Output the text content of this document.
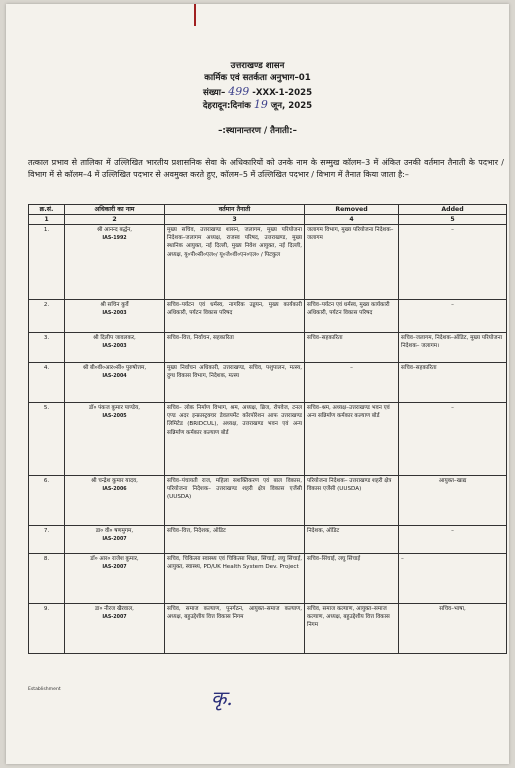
उत्तराखण्ड शासन
कार्मिक एवं सतर्कता अनुभाग–01
संख्या– 499 -XXX-1-2025
देहरादून:दिनांक 19 जून, 2025
–:स्थानान्तरण / तैनाती:–
तत्काल प्रभाव से तालिका में उल्लिखित भारतीय प्रशासनिक सेवा के अधिकारियों को उनके नाम के सम्मुख कॉलम–3 में अंकित उनकी वर्तमान तैनाती के पदभार / विभाग में से कॉलम–4 में उल्लिखित पदभार से अवमुक्त करते हुए, कॉलम–5 में उल्लिखित पदभार / विभाग में तैनात किया जाता है:–
क्र.सं.	अधिकारी का नाम	वर्तमान तैनाती	Removed	Added
1	2	3	4	5
1.	श्री आनन्द बर्द्धन,
IAS-1992	मुख्य सचिव, उत्तराखण्ड शासन, जलागम, मुख्य परियोजना निदेशक–जलागम अध्यक्ष, राजस्व परिषद, उत्तराखण्ड, मुख्य स्थानिक आयुक्त, नई दिल्ली, मुख्य निवेश आयुक्त, नई दिल्ली, अध्यक्ष, यू०पी०सी०एल०/ यू०जे०वी०एन०एल० / पिटकुल	जलागम विभाग, मुख्य परियोजना निदेशक–जलागम	–
2.	श्री सचिन कुर्वे
IAS-2003	सचिव–पर्यटन एवं धर्मस्व, नागरिक उड्डयन, मुख्य कार्यकारी अधिकारी, पर्यटन विकास परिषद	सचिव–पर्यटन एवं धर्मस्व, मुख्य कार्यकारी अधिकारी, पर्यटन विकास परिषद	–
3.	श्री दिलीप जावलकर,
IAS-2003	सचिव–वित्त, निर्वाचन, सहकारिता	सचिव–सहकारिता	सचिव–जलागम, निदेशक–ऑडिट, मुख्य परियोजना निदेशक– जलागम।
4.	श्री बी०वी०आर०सी० पुरुषोत्तम,
IAS-2004	मुख्य निर्वाचन अधिकारी, उत्तराखण्ड, सचिव, पशुपालन, मत्स्य, दुग्ध विकास विभाग, निदेशक, मत्स्य	–	सचिव–सहकारिता
5.	डॉ० पंकज कुमार पाण्डेय,
IAS-2005	सचिव– लोक निर्माण विभाग, श्रम, अध्यक्ष, ब्रिज, रोपवेज, टनल एण्ड अदर इन्फ्रास्ट्रक्चर डेवलपमेंट कॉरपोरेशन आफ उत्तराखण्ड लिमिटेड (BRIDCUL), अध्यक्ष, उत्तराखण्ड भवन एवं अन्य सन्निर्माण कर्मकार कल्याण बोर्ड	सचिव–श्रम, अध्यक्ष–उत्तराखण्ड भवन एवं अन्य सन्निर्माण कर्मकार कल्याण बोर्ड	–
6.	श्री चन्द्रेश कुमार यादव,
IAS-2006	सचिव–पंचायती राज, महिला सशक्तिकरण एवं बाल विकास, परियोजना निदेशक– उत्तराखण्ड शहरी क्षेत्र विकास एजेंसी (UUSDA)	परियोजना निदेशक– उत्तराखण्ड शहरी क्षेत्र विकास एजेंसी (UUSDA)	आयुक्त–खाद्य
7.	डा० वी० षणमुगम,
IAS-2007	सचिव–वित्त, निदेशक, ऑडिट	निदेशक, ऑडिट	–
8.	डॉ० आर० राजेश कुमार,
IAS-2007	सचिव, चिकित्सा स्वास्थ्य एवं चिकित्सा शिक्षा, सिंचाई, लघु सिंचाई, आयुक्त, स्वास्थ्य, PD/UK Health System Dev. Project	सचिव–सिंचाई, लघु सिंचाई	–
9.	डा० नीरज खैरवाल,
IAS-2007	सचिव, समाज कल्याण, पुनर्गठन, आयुक्त–समाज कल्याण, अध्यक्ष, बहुउद्देशीय वित्त विकास निगम	सचिव, समाज कल्याण, आयुक्त–समाज कल्याण, अध्यक्ष, बहुउद्देशीय वित्त विकास निगम	सचिव–भाषा,
Establishment	कृ.
